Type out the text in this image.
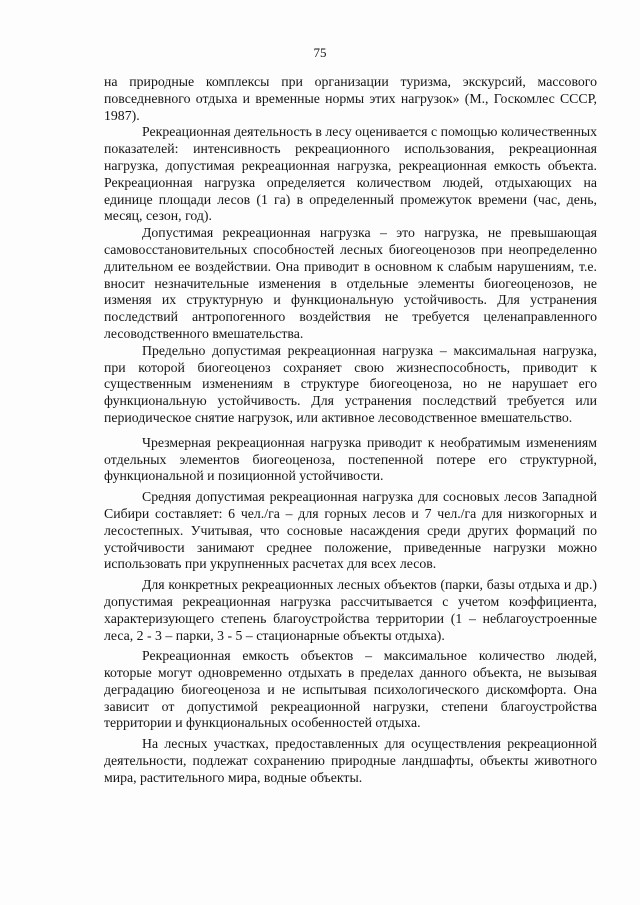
75

на природные комплексы при организации туризма, экскурсий, массового повседневного отдыха и временные нормы этих нагрузок» (М., Госкомлес СССР, 1987).

Рекреационная деятельность в лесу оценивается с помощью количественных показателей: интенсивность рекреационного использования, рекреационная нагрузка, допустимая рекреационная нагрузка, рекреационная емкость объекта. Рекреационная нагрузка определяется количеством людей, отдыхающих на единице площади лесов (1 га) в определенный промежуток времени (час, день, месяц, сезон, год).

Допустимая рекреационная нагрузка – это нагрузка, не превышающая самовосстановительных способностей лесных биогеоценозов при неопределенно длительном ее воздействии. Она приводит в основном к слабым нарушениям, т.е. вносит незначительные изменения в отдельные элементы биогеоценозов, не изменяя их структурную и функциональную устойчивость. Для устранения последствий антропогенного воздействия не требуется целенаправленного лесоводственного вмешательства.

Предельно допустимая рекреационная нагрузка – максимальная нагрузка, при которой биогеоценоз сохраняет свою жизнеспособность, приводит к существенным изменениям в структуре биогеоценоза, но не нарушает его функциональную устойчивость. Для устранения последствий требуется или периодическое снятие нагрузок, или активное лесоводственное вмешательство.

Чрезмерная рекреационная нагрузка приводит к необратимым изменениям отдельных элементов биогеоценоза, постепенной потере его структурной, функциональной и позиционной устойчивости.

Средняя допустимая рекреационная нагрузка для сосновых лесов Западной Сибири составляет: 6 чел./га – для горных лесов и 7 чел./га для низкогорных и лесостепных. Учитывая, что сосновые насаждения среди других формаций по устойчивости занимают среднее положение, приведенные нагрузки можно использовать при укрупненных расчетах для всех лесов.

Для конкретных рекреационных лесных объектов (парки, базы отдыха и др.) допустимая рекреационная нагрузка рассчитывается с учетом коэффициента, характеризующего степень благоустройства территории (1 – неблагоустроенные леса, 2 - 3 – парки, 3 - 5 – стационарные объекты отдыха).

Рекреационная емкость объектов – максимальное количество людей, которые могут одновременно отдыхать в пределах данного объекта, не вызывая деградацию биогеоценоза и не испытывая психологического дискомфорта. Она зависит от допустимой рекреационной нагрузки, степени благоустройства территории и функциональных особенностей отдыха.

На лесных участках, предоставленных для осуществления рекреационной деятельности, подлежат сохранению природные ландшафты, объекты животного мира, растительного мира, водные объекты.
